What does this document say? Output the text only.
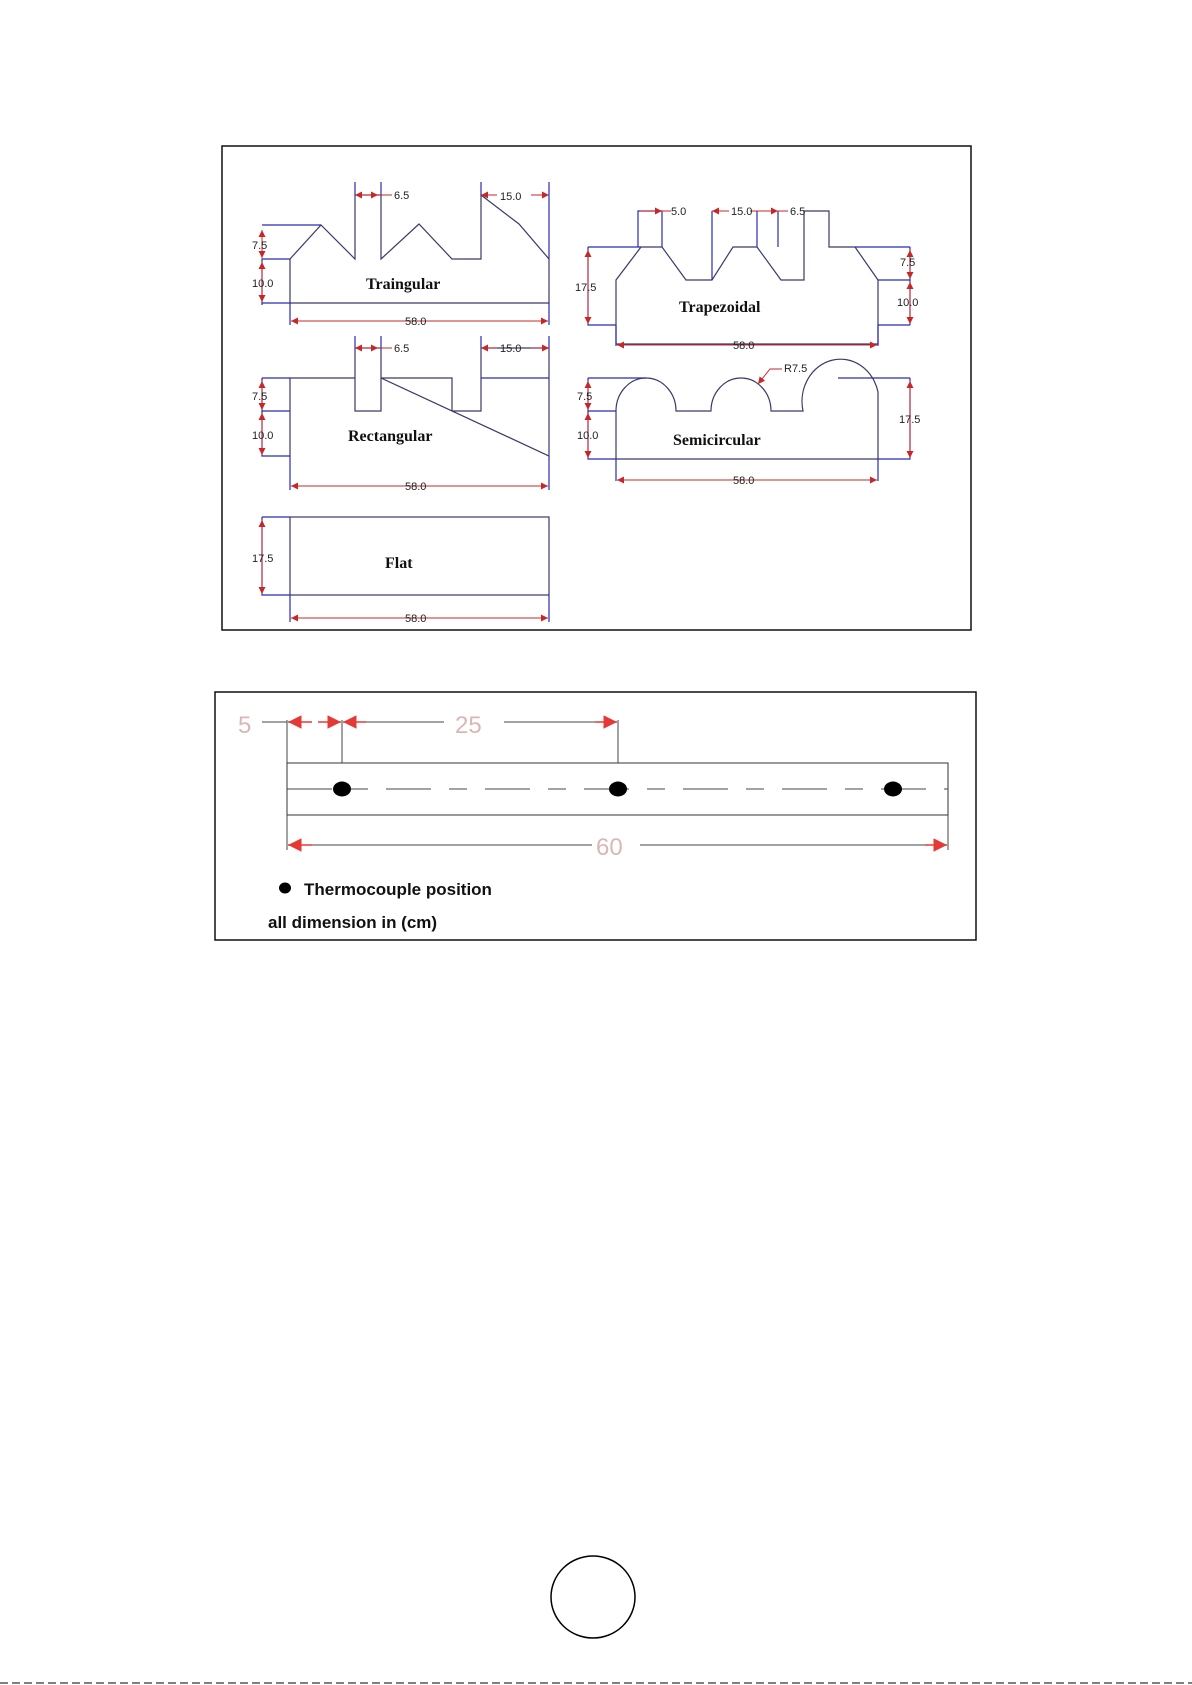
6.5	15.0
7.5
10.0
58.0
Traingular
5.0	15.0	6.5
17.5
7.5
10.0
58.0
Trapezoidal
6.5	15.0
7.5
10.0
58.0
Rectangular
R7.5
7.5
10.0
17.5
58.0
Semicircular
17.5
58.0
Flat
5	25
60
Thermocouple position
all dimension in (cm)
